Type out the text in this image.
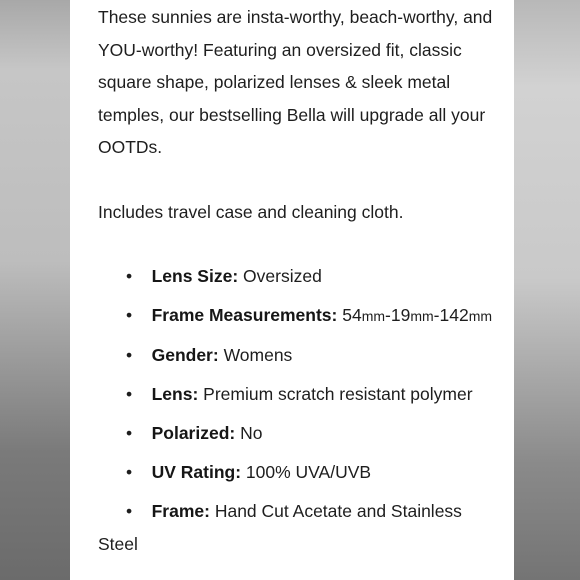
These sunnies are insta-worthy, beach-worthy, and YOU-worthy! Featuring an oversized fit, classic square shape, polarized lenses & sleek metal temples, our bestselling Bella will upgrade all your OOTDs.

Includes travel case and cleaning cloth.

• Lens Size: Oversized
• Frame Measurements: 54mm-19mm-142mm
• Gender: Womens
• Lens: Premium scratch resistant polymer
• Polarized: No
• UV Rating: 100% UVA/UVB
• Frame: Hand Cut Acetate and Stainless Steel
